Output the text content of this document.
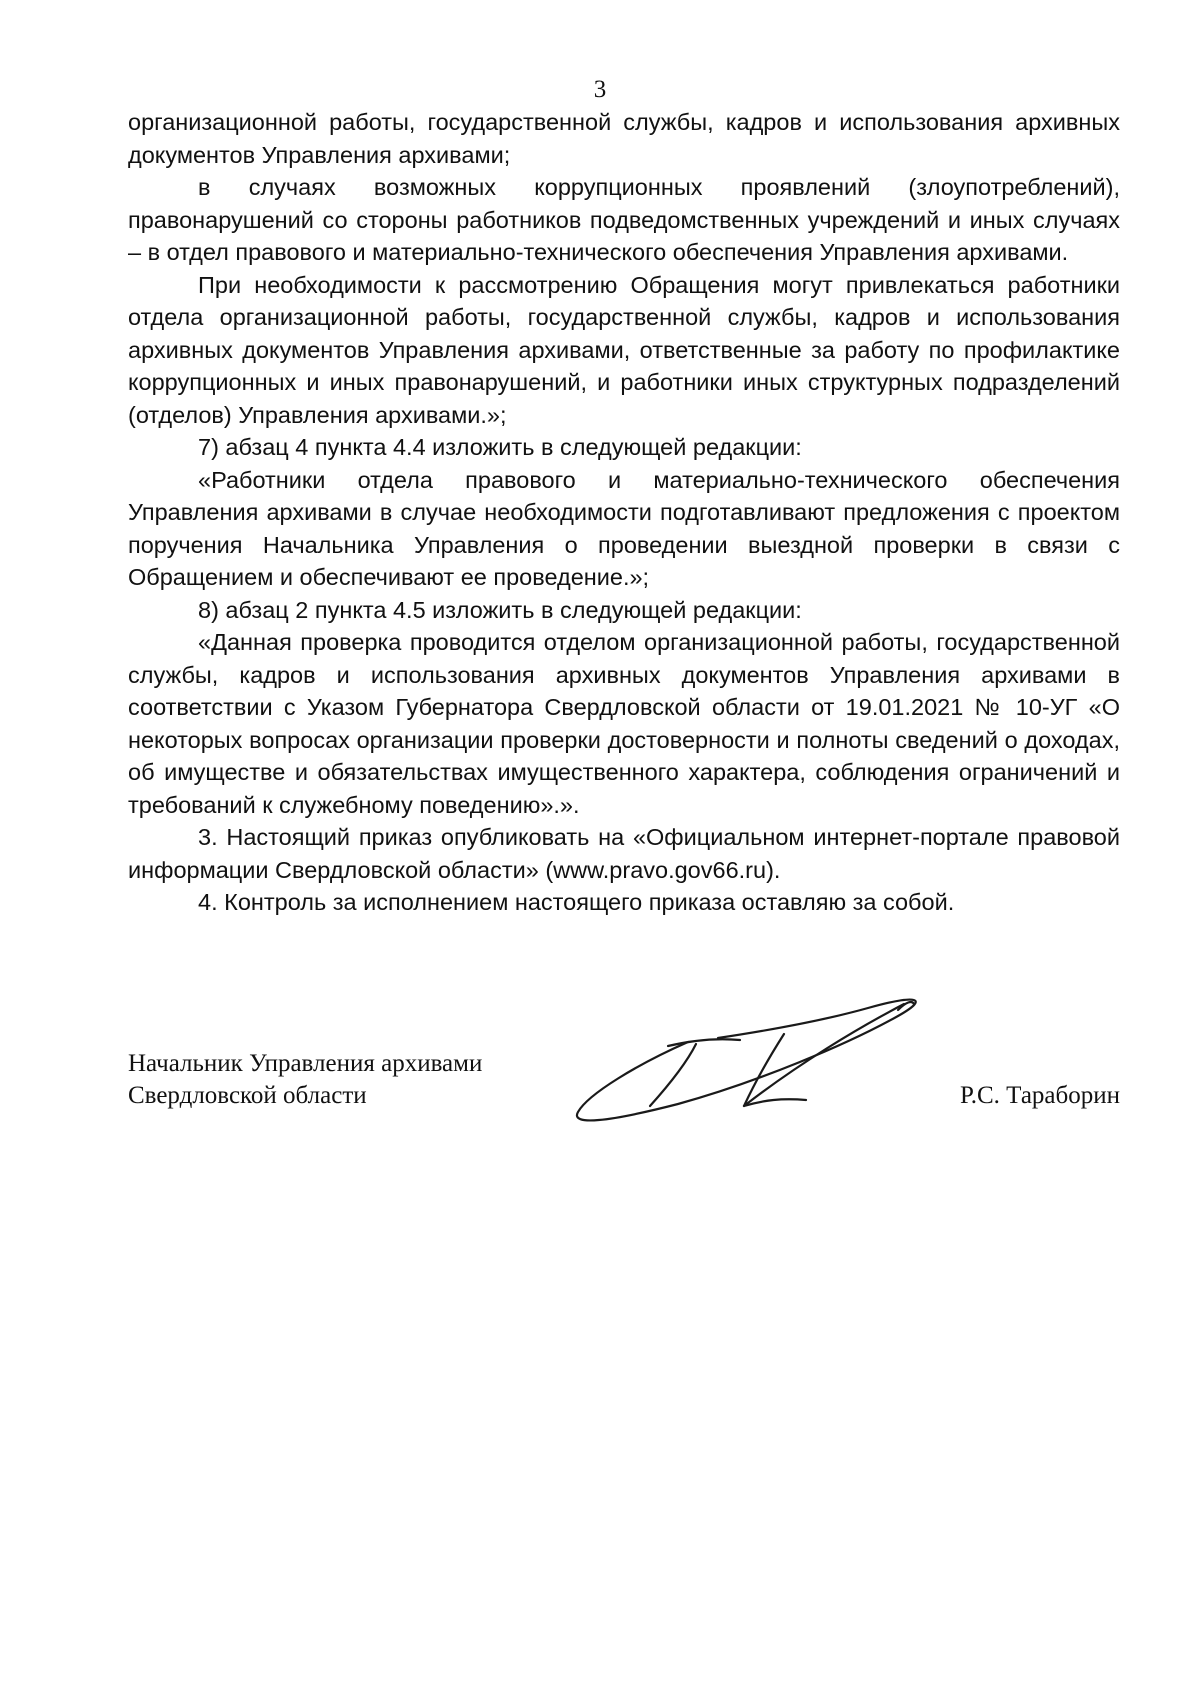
3

организационной работы, государственной службы, кадров и использования архивных документов Управления архивами;

в случаях возможных коррупционных проявлений (злоупотреблений), правонарушений со стороны работников подведомственных учреждений и иных случаях – в отдел правового и материально-технического обеспечения Управления архивами.

При необходимости к рассмотрению Обращения могут привлекаться работники отдела организационной работы, государственной службы, кадров и использования архивных документов Управления архивами, ответственные за работу по профилактике коррупционных и иных правонарушений, и работники иных структурных подразделений (отделов) Управления архивами.»;

7) абзац 4 пункта 4.4 изложить в следующей редакции:

«Работники отдела правового и материально-технического обеспечения Управления архивами в случае необходимости подготавливают предложения с проектом поручения Начальника Управления о проведении выездной проверки в связи с Обращением и обеспечивают ее проведение.»;

8) абзац 2 пункта 4.5 изложить в следующей редакции:

«Данная проверка проводится отделом организационной работы, государственной службы, кадров и использования архивных документов Управления архивами в соответствии с Указом Губернатора Свердловской области от 19.01.2021 № 10-УГ «О некоторых вопросах организации проверки достоверности и полноты сведений о доходах, об имуществе и обязательствах имущественного характера, соблюдения ограничений и требований к служебному поведению».».

3. Настоящий приказ опубликовать на «Официальном интернет-портале правовой информации Свердловской области» (www.pravo.gov66.ru).

4. Контроль за исполнением настоящего приказа оставляю за собой.

Начальник Управления архивами
Свердловской области	Р.С. Тараборин
